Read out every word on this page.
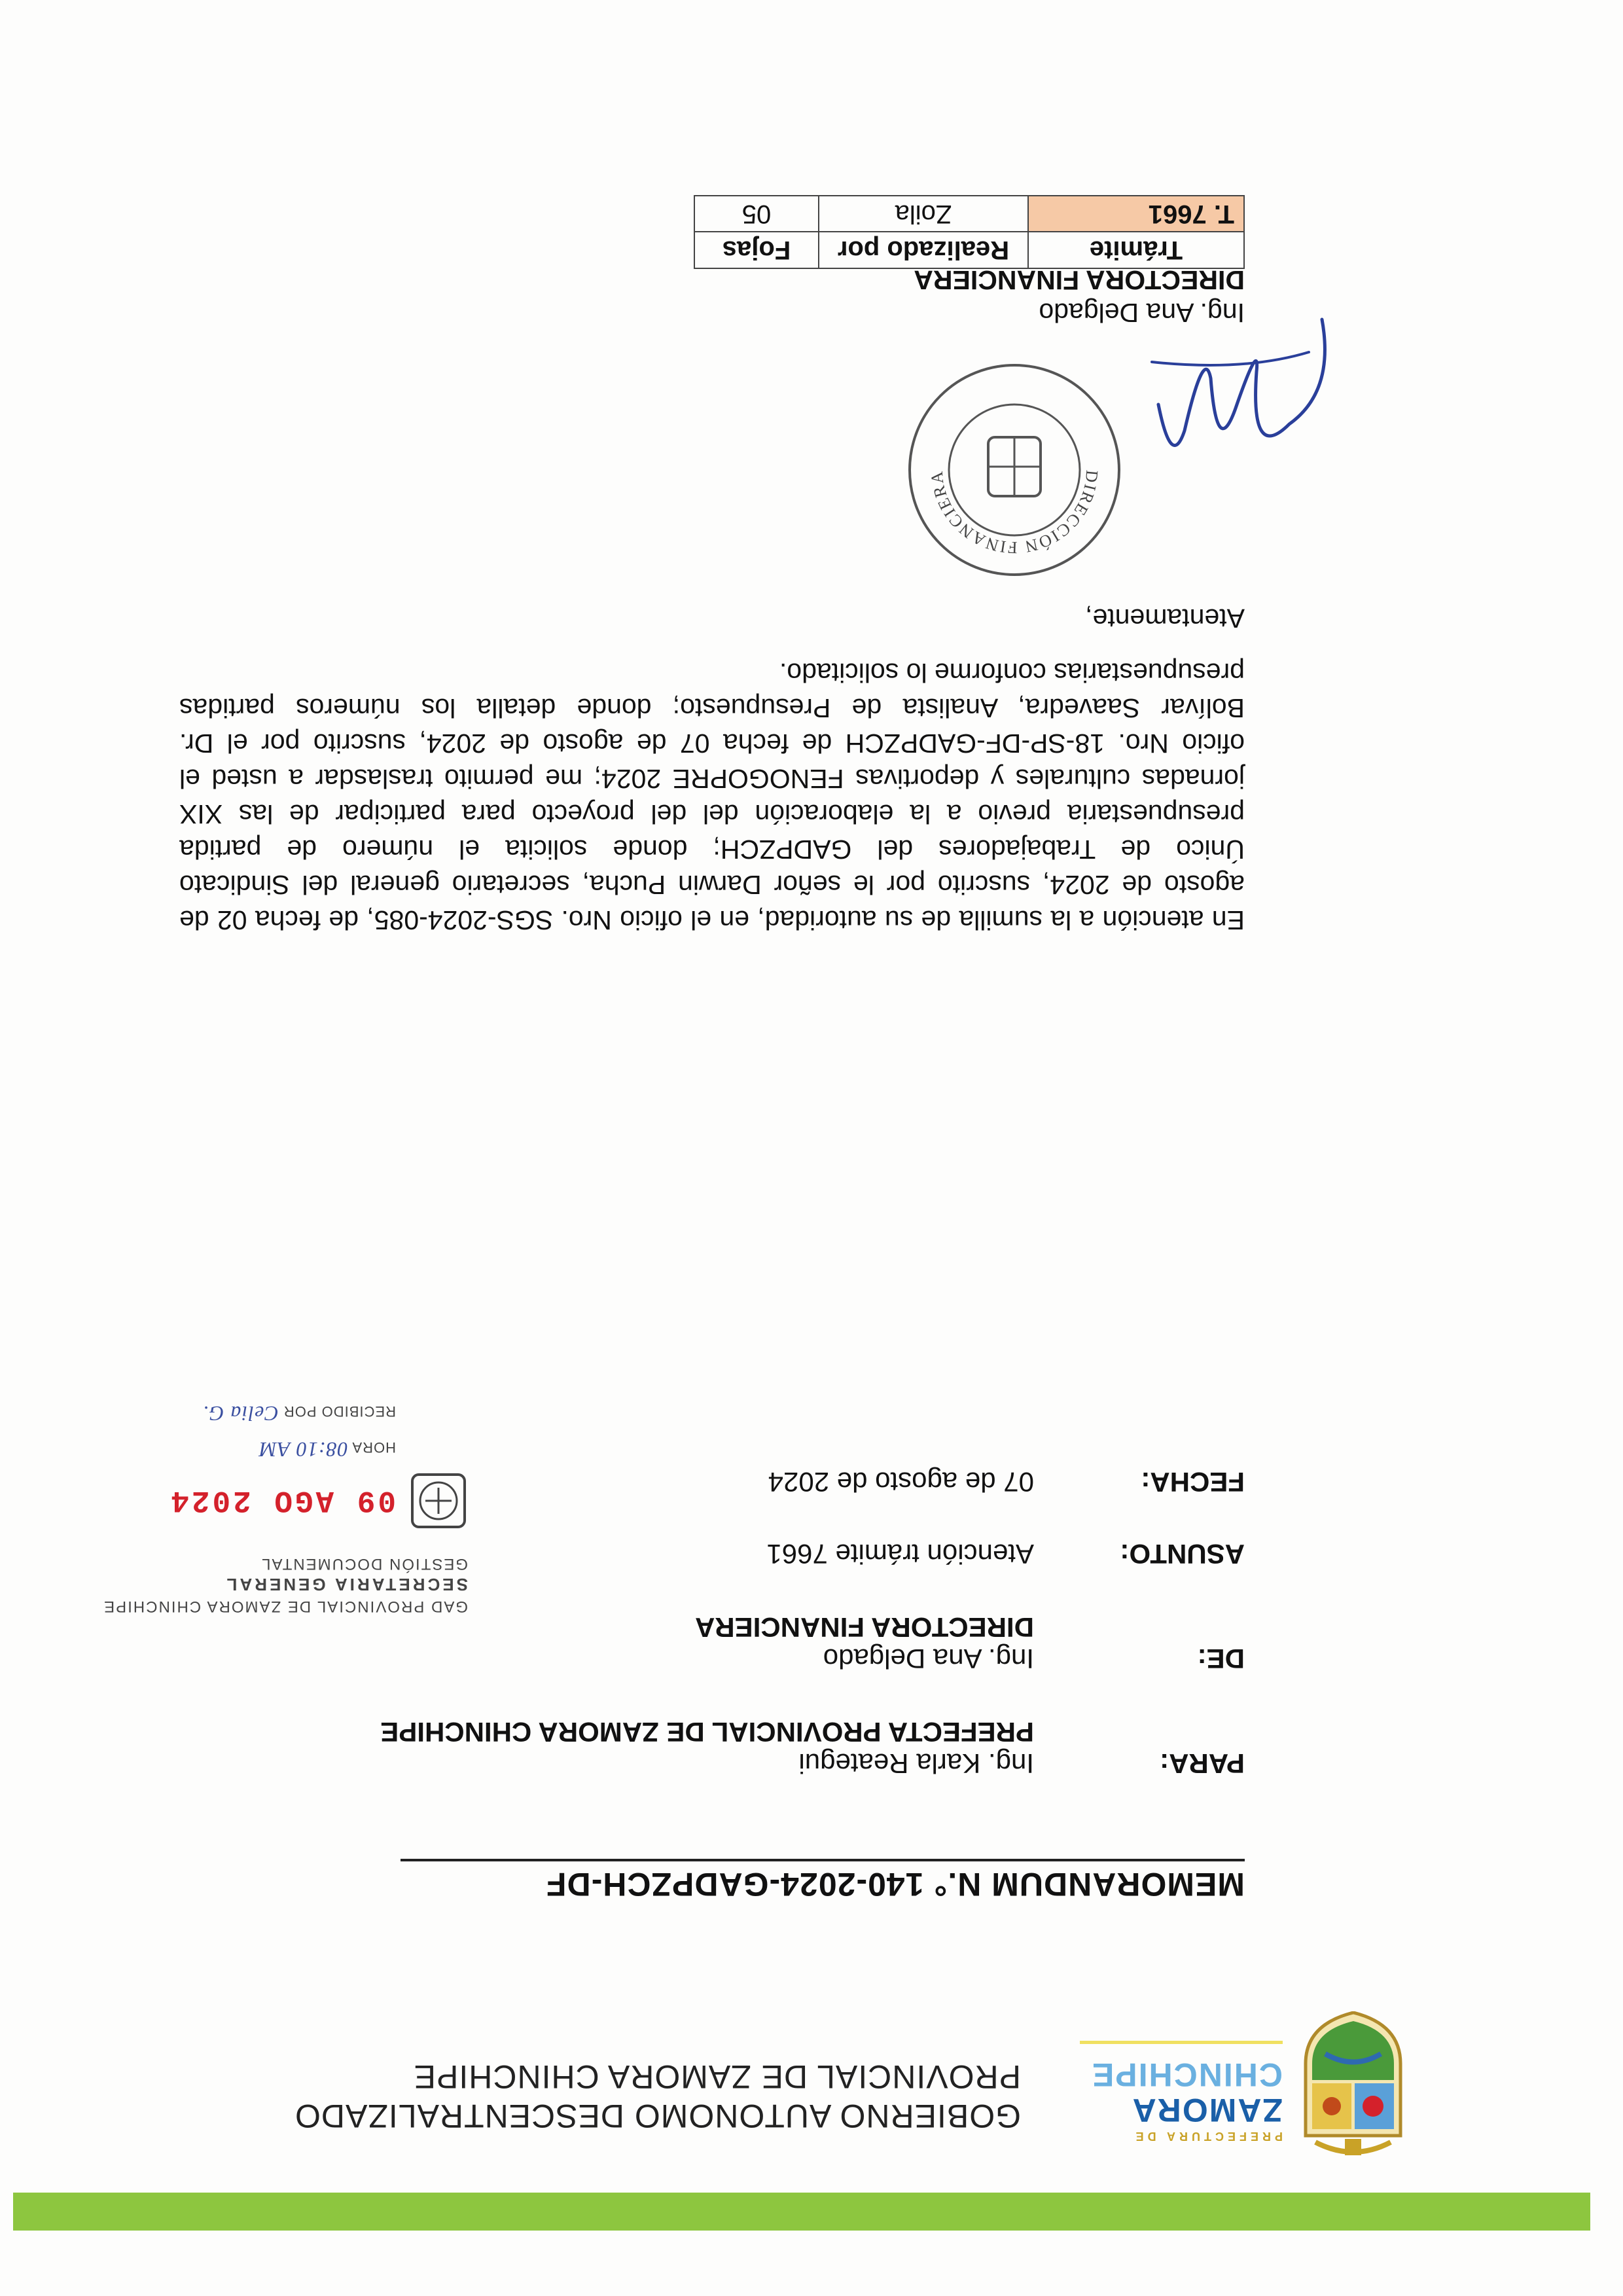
PREFECTURA DE
ZAMORA
CHINCHIPE
GOBIERNO AUTONOMO DESCENTRALIZADO
PROVINCIAL DE ZAMORA CHINCHIPE
MEMORANDUM N.° 140-2024-GADPZCH-DF
PARA:
Ing. Karla Reategui
PREFECTA PROVINCIAL DE ZAMORA CHINCHIPE
DE:
Ing. Ana Delgado
DIRECTORA FINANCIERA
ASUNTO:
Atención trámite 7661
FECHA:
07 de agosto de 2024
GAD PROVINCIAL DE ZAMORA CHINCHIPE
SECRETARIA GENERAL
GESTIÓN DOCUMENTAL
09 AGO 2024
HORA 08:10 AM
RECIBIDO POR Celia G.
En atención a la sumilla de su autoridad, en el oficio Nro. SGS-2024-085, de fecha 02 de agosto de 2024, suscrito por le señor Darwin Pucha, secretario general del Sindicato Único de Trabajadores del GADPZCH; donde solicita el número de partida presupuestaria previo a la elaboración del del proyecto para participar de las XIX jornadas culturales y deportivas FENOGOPRE 2024; me permito traslasdar a usted el oficio Nro. 18-SP-DF-GADPZCH de fecha 07 de agosto de 2024, suscrito por el Dr. Bolívar Saavedra, Analista de Presupuesto; donde detalla los números partidas presupuestarias conforme lo solicitado.
Atentamente,
DIRECCIÓN FINANCIERA
Ing. Ana Delgado
DIRECTORA FINANCIERA
Trámite	Realizado por	Fojas
T. 7661	Zoila	05
